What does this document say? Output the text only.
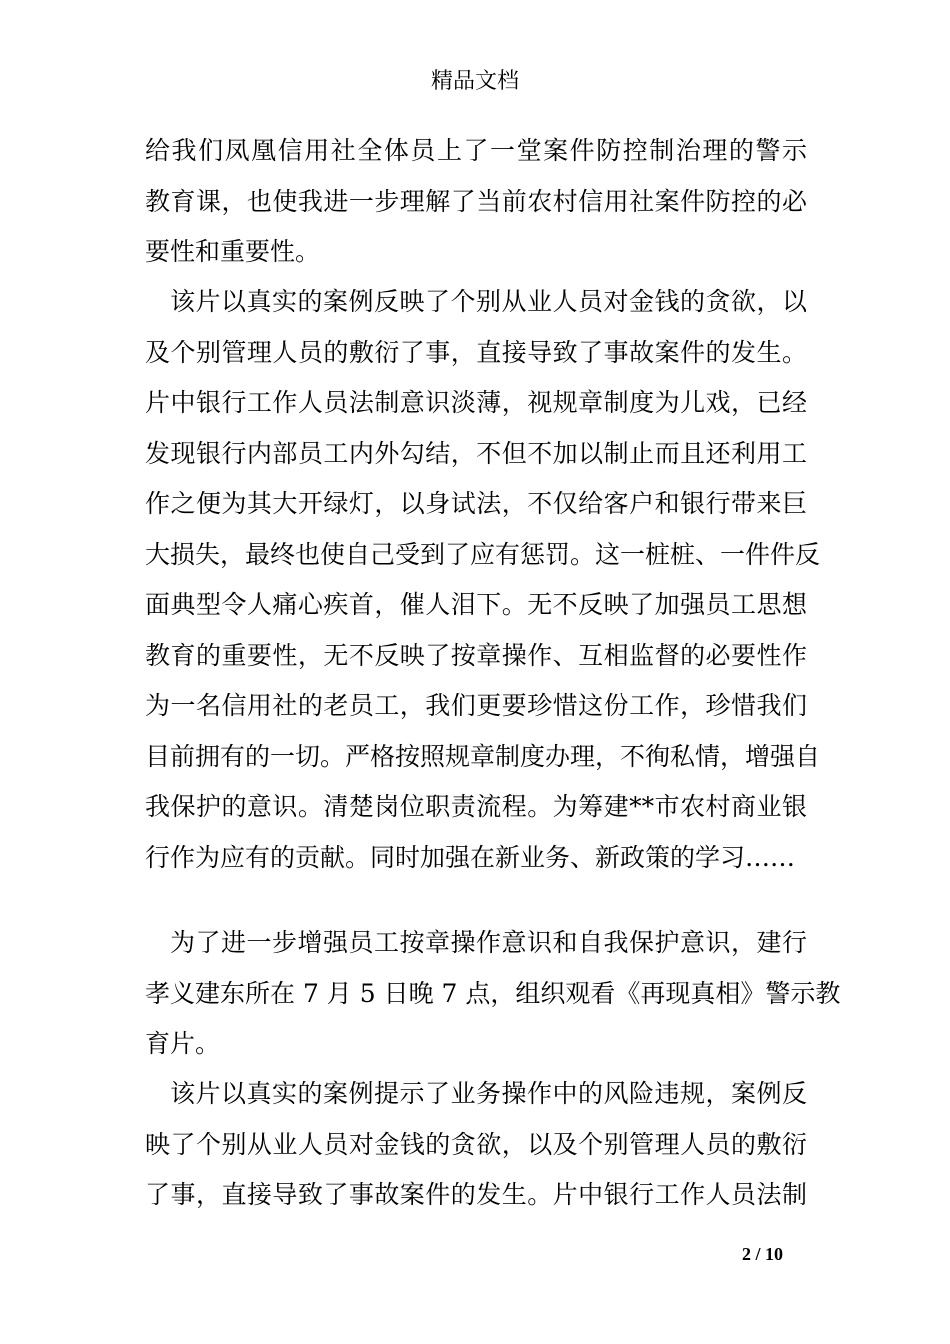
精品文档
给我们凤凰信用社全体员上了一堂案件防控制治理的警示
教育课，也使我进一步理解了当前农村信用社案件防控的必
要性和重要性。
该片以真实的案例反映了个别从业人员对金钱的贪欲，以
及个别管理人员的敷衍了事，直接导致了事故案件的发生。
片中银行工作人员法制意识淡薄，视规章制度为儿戏，已经
发现银行内部员工内外勾结，不但不加以制止而且还利用工
作之便为其大开绿灯，以身试法，不仅给客户和银行带来巨
大损失，最终也使自己受到了应有惩罚。这一桩桩、一件件反
面典型令人痛心疾首，催人泪下。无不反映了加强员工思想
教育的重要性，无不反映了按章操作、互相监督的必要性作
为一名信用社的老员工，我们更要珍惜这份工作，珍惜我们
目前拥有的一切。严格按照规章制度办理，不徇私情，增强自
我保护的意识。清楚岗位职责流程。为筹建**市农村商业银
行作为应有的贡献。同时加强在新业务、新政策的学习……
为了进一步增强员工按章操作意识和自我保护意识，建行
孝义建东所在 7 月 5 日晚 7 点，组织观看《再现真相》警示教
育片。
该片以真实的案例提示了业务操作中的风险违规，案例反
映了个别从业人员对金钱的贪欲，以及个别管理人员的敷衍
了事，直接导致了事故案件的发生。片中银行工作人员法制
2 / 10
